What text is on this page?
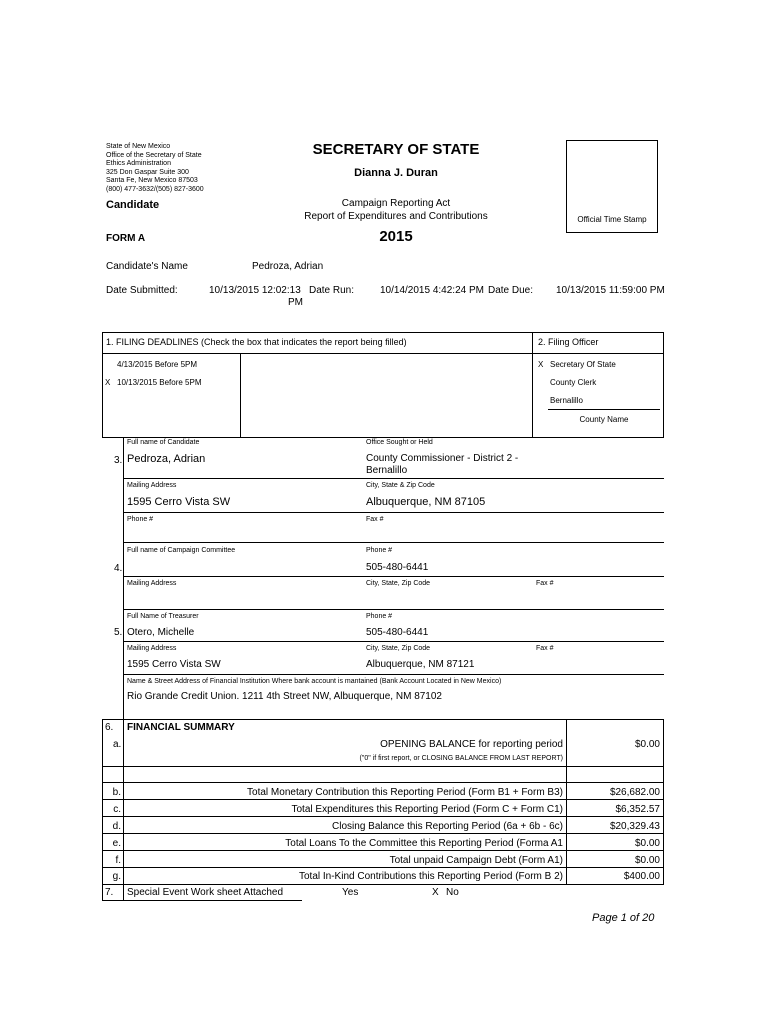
State of New Mexico
Office of the Secretary of State
Ethics Administration
325 Don Gaspar Suite 300
Santa Fe, New Mexico 87503
(800) 477-3632/(505) 827-3600
SECRETARY OF STATE
Dianna J. Duran
Candidate	Campaign Reporting Act
Report of Expenditures and Contributions
2015
FORM A
Official Time Stamp
Candidate's Name	Pedroza, Adrian
Date Submitted:	10/13/2015 12:02:13
PM
Date Run:	10/14/2015 4:42:24 PM Date Due: 10/13/2015 11:59:00 PM
1. FILING DEADLINES (Check the box that indicates the report being filled)
4/13/2015 Before 5PM
X 10/13/2015 Before 5PM
2. Filing Officer
X Secretary Of State
County Clerk
Bernalillo
County Name
Full name of Candidate	Office Sought or Held
3. Pedroza, Adrian	County Commissioner - District 2 -
Bernalillo
Mailing Address	City, State & Zip Code
1595 Cerro Vista SW	Albuquerque, NM 87105
Phone #	Fax #
Full name of Campaign Committee	Phone #
4.	505-480-6441
Mailing Address	City, State, Zip Code	Fax #
Full Name of Treasurer	Phone #
5. Otero, Michelle	505-480-6441
Mailing Address	City, State, Zip Code	Fax #
1595 Cerro Vista SW	Albuquerque, NM 87121
Name & Street Address of Financial Institution Where bank account is mantained (Bank Account Located in New Mexico)
Rio Grande Credit Union. 1211 4th Street NW, Albuquerque, NM 87102
6. FINANCIAL SUMMARY
a.	OPENING BALANCE for reporting period	$0.00
("0" if first report, or CLOSING BALANCE FROM LAST REPORT)
b.	Total Monetary Contribution this Reporting Period (Form B1 + Form B3)	$26,682.00
c.	Total Expenditures this Reporting Period (Form C + Form C1)	$6,352.57
d.	Closing Balance this Reporting Period (6a + 6b - 6c)	$20,329.43
e.	Total Loans To the Committee this Reporting Period (Forma A1	$0.00
f.	Total unpaid Campaign Debt (Form A1)	$0.00
g.	Total In-Kind Contributions this Reporting Period (Form B 2)	$400.00
7. Special Event Work sheet Attached	Yes	X No
Page 1 of 20
